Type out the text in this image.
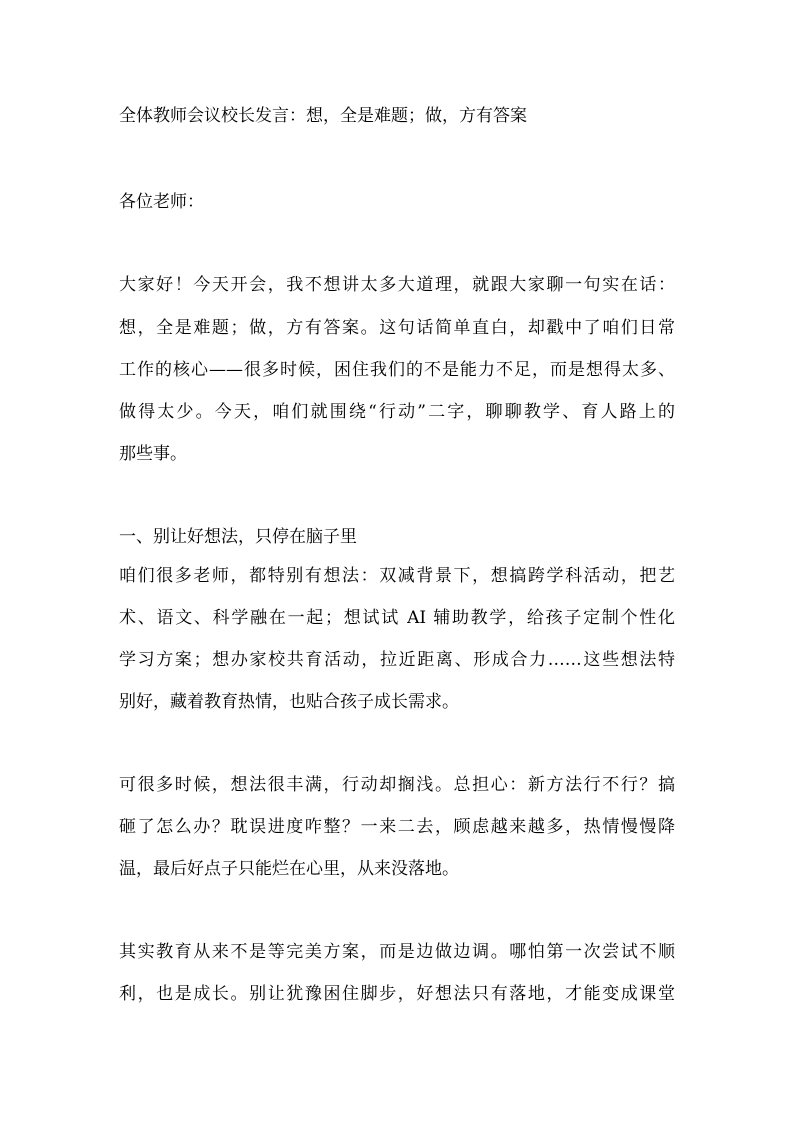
全体教师会议校长发言：想，全是难题；做，方有答案
各位老师：
大家好！今天开会，我不想讲太多大道理，就跟大家聊一句实在话：
想，全是难题；做，方有答案。这句话简单直白，却戳中了咱们日常
工作的核心——很多时候，困住我们的不是能力不足，而是想得太多、
做得太少。今天，咱们就围绕“行动”二字，聊聊教学、育人路上的
那些事。
一、别让好想法，只停在脑子里
咱们很多老师，都特别有想法：双减背景下，想搞跨学科活动，把艺
术、语文、科学融在一起；想试试 AI 辅助教学，给孩子定制个性化
学习方案；想办家校共育活动，拉近距离、形成合力……这些想法特
别好，藏着教育热情，也贴合孩子成长需求。
可很多时候，想法很丰满，行动却搁浅。总担心：新方法行不行？搞
砸了怎么办？耽误进度咋整？一来二去，顾虑越来越多，热情慢慢降
温，最后好点子只能烂在心里，从来没落地。
其实教育从来不是等完美方案，而是边做边调。哪怕第一次尝试不顺
利，也是成长。别让犹豫困住脚步，好想法只有落地，才能变成课堂
